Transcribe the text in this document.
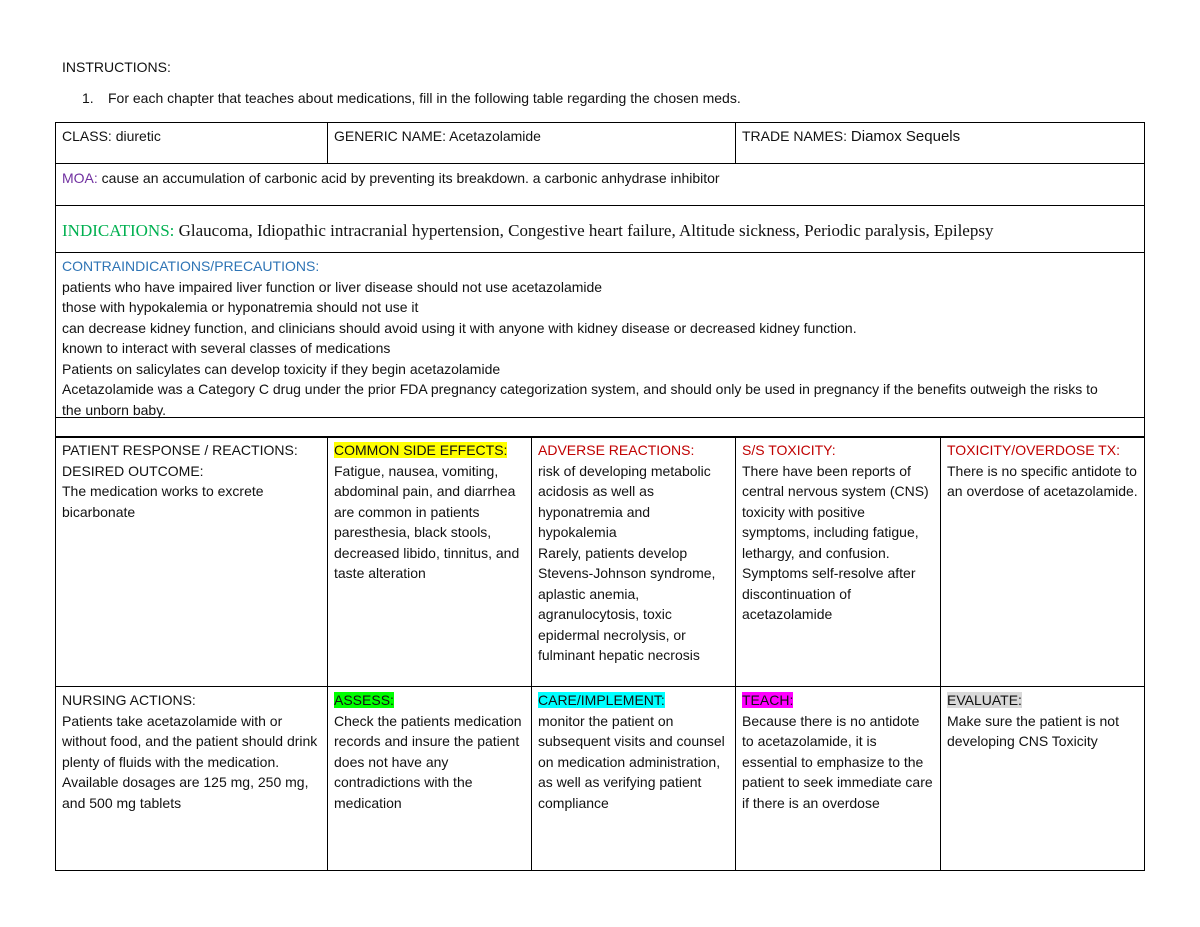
INSTRUCTIONS:
1. For each chapter that teaches about medications, fill in the following table regarding the chosen meds.
CLASS: diuretic	GENERIC NAME: Acetazolamide	TRADE NAMES: Diamox Sequels
MOA: cause an accumulation of carbonic acid by preventing its breakdown. a carbonic anhydrase inhibitor
INDICATIONS: Glaucoma, Idiopathic intracranial hypertension, Congestive heart failure, Altitude sickness, Periodic paralysis, Epilepsy
CONTRAINDICATIONS/PRECAUTIONS:
patients who have impaired liver function or liver disease should not use acetazolamide
those with hypokalemia or hyponatremia should not use it
can decrease kidney function, and clinicians should avoid using it with anyone with kidney disease or decreased kidney function.
known to interact with several classes of medications
Patients on salicylates can develop toxicity if they begin acetazolamide
Acetazolamide was a Category C drug under the prior FDA pregnancy categorization system, and should only be used in pregnancy if the benefits outweigh the risks to the unborn baby.
PATIENT RESPONSE / REACTIONS:
DESIRED OUTCOME:
The medication works to excrete bicarbonate
COMMON SIDE EFFECTS:
Fatigue, nausea, vomiting, abdominal pain, and diarrhea are common in patients
paresthesia, black stools, decreased libido, tinnitus, and taste alteration
ADVERSE REACTIONS:
risk of developing metabolic acidosis as well as hyponatremia and hypokalemia
Rarely, patients develop Stevens-Johnson syndrome, aplastic anemia, agranulocytosis, toxic epidermal necrolysis, or fulminant hepatic necrosis
S/S TOXICITY:
There have been reports of central nervous system (CNS) toxicity with positive symptoms, including fatigue, lethargy, and confusion. Symptoms self-resolve after discontinuation of acetazolamide
TOXICITY/OVERDOSE TX:
There is no specific antidote to an overdose of acetazolamide.
NURSING ACTIONS:
Patients take acetazolamide with or without food, and the patient should drink plenty of fluids with the medication. Available dosages are 125 mg, 250 mg, and 500 mg tablets
ASSESS:
Check the patients medication records and insure the patient does not have any contradictions with the medication
CARE/IMPLEMENT:
monitor the patient on subsequent visits and counsel on medication administration, as well as verifying patient compliance
TEACH:
Because there is no antidote to acetazolamide, it is essential to emphasize to the patient to seek immediate care if there is an overdose
EVALUATE:
Make sure the patient is not developing CNS Toxicity
